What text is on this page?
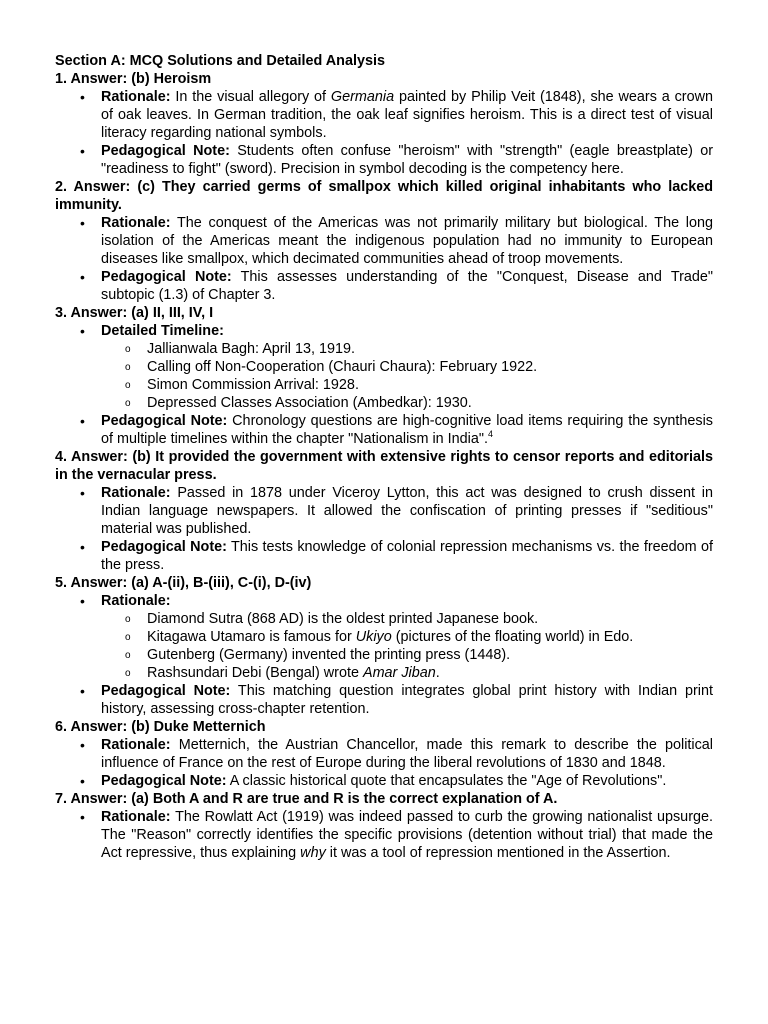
Section A: MCQ Solutions and Detailed Analysis

1. Answer: (b) Heroism

• Rationale: In the visual allegory of Germania painted by Philip Veit (1848), she wears a crown of oak leaves. In German tradition, the oak leaf signifies heroism. This is a direct test of visual literacy regarding national symbols.
• Pedagogical Note: Students often confuse "heroism" with "strength" (eagle breastplate) or "readiness to fight" (sword). Precision in symbol decoding is the competency here.

2. Answer: (c) They carried germs of smallpox which killed original inhabitants who lacked immunity.

• Rationale: The conquest of the Americas was not primarily military but biological. The long isolation of the Americas meant the indigenous population had no immunity to European diseases like smallpox, which decimated communities ahead of troop movements.
• Pedagogical Note: This assesses understanding of the "Conquest, Disease and Trade" subtopic (1.3) of Chapter 3.

3. Answer: (a) II, III, IV, I

• Detailed Timeline:
o Jallianwala Bagh: April 13, 1919.
o Calling off Non-Cooperation (Chauri Chaura): February 1922.
o Simon Commission Arrival: 1928.
o Depressed Classes Association (Ambedkar): 1930.
• Pedagogical Note: Chronology questions are high-cognitive load items requiring the synthesis of multiple timelines within the chapter "Nationalism in India".$^4$

4. Answer: (b) It provided the government with extensive rights to censor reports and editorials in the vernacular press.

• Rationale: Passed in 1878 under Viceroy Lytton, this act was designed to crush dissent in Indian language newspapers. It allowed the confiscation of printing presses if "seditious" material was published.
• Pedagogical Note: This tests knowledge of colonial repression mechanisms vs. the freedom of the press.

5. Answer: (a) A-(ii), B-(iii), C-(i), D-(iv)

• Rationale:
o Diamond Sutra (868 AD) is the oldest printed Japanese book.
o Kitagawa Utamaro is famous for Ukiyo (pictures of the floating world) in Edo.
o Gutenberg (Germany) invented the printing press (1448).
o Rashsundari Debi (Bengal) wrote Amar Jiban.
• Pedagogical Note: This matching question integrates global print history with Indian print history, assessing cross-chapter retention.

6. Answer: (b) Duke Metternich

• Rationale: Metternich, the Austrian Chancellor, made this remark to describe the political influence of France on the rest of Europe during the liberal revolutions of 1830 and 1848.
• Pedagogical Note: A classic historical quote that encapsulates the "Age of Revolutions".

7. Answer: (a) Both A and R are true and R is the correct explanation of A.

• Rationale: The Rowlatt Act (1919) was indeed passed to curb the growing nationalist upsurge. The "Reason" correctly identifies the specific provisions (detention without trial) that made the Act repressive, thus explaining why it was a tool of repression mentioned in the Assertion.
